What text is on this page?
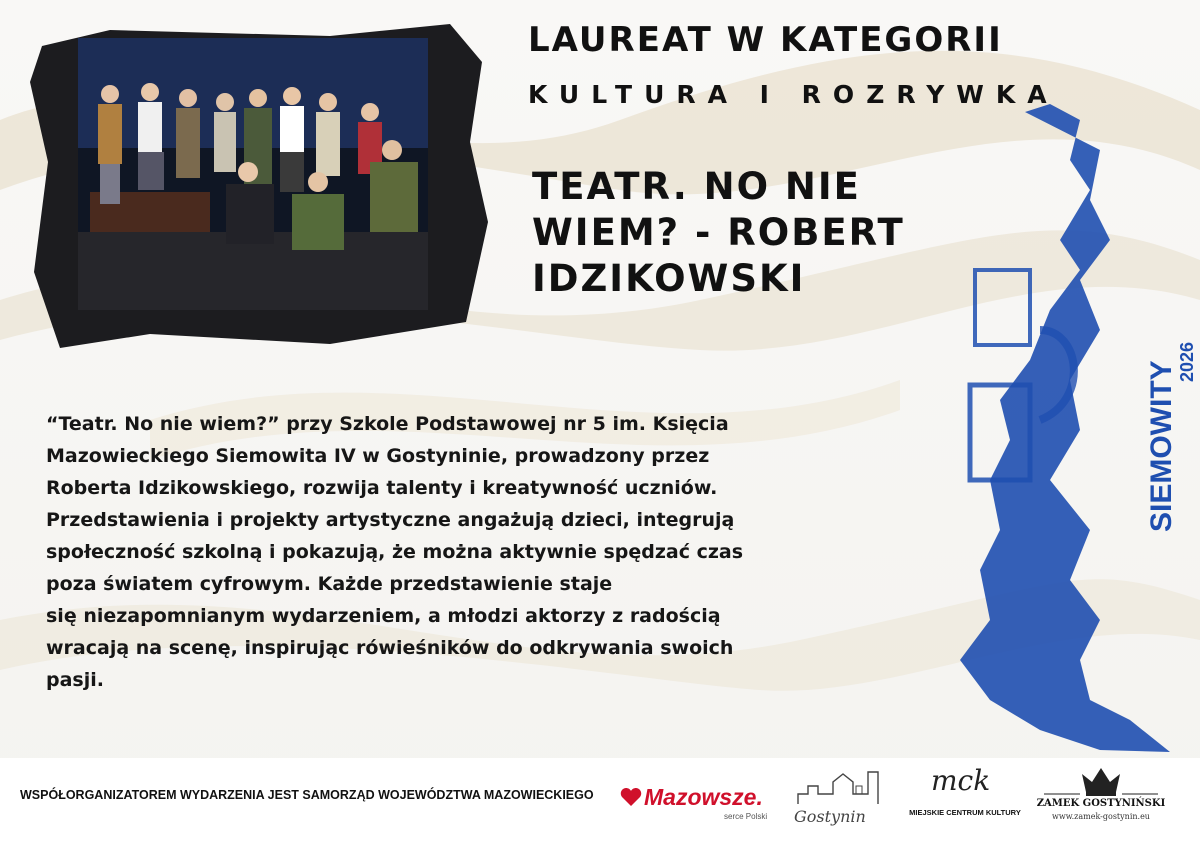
LAUREAT W KATEGORII
KULTURA I ROZRYWKA
TEATR. NO NIE
WIEM? - ROBERT
IDZIKOWSKI
“Teatr. No nie wiem?” przy Szkole Podstawowej nr 5 im. Księcia
Mazowieckiego Siemowita IV w Gostyninie, prowadzony przez
Roberta Idzikowskiego, rozwija talenty i kreatywność uczniów.
Przedstawienia i projekty artystyczne angażują dzieci, integrują
społeczność szkolną i pokazują, że można aktywnie spędzać czas
poza światem cyfrowym. Każde przedstawienie staje
się niezapomnianym wydarzeniem, a młodzi aktorzy z radością
wracają na scenę, inspirując rówieśników do odkrywania swoich
pasji.
SIEMOWITY 2026
WSPÓŁORGANIZATOREM WYDARZENIA JEST SAMORZĄD WOJEWÓDZTWA MAZOWIECKIEGO Mazowsze.
serce Polski Gostynin
mck
MIEJSKIE CENTRUM KULTURY
ZAMEK GOSTYNIŃSKI
www.zamek-gostynin.eu
